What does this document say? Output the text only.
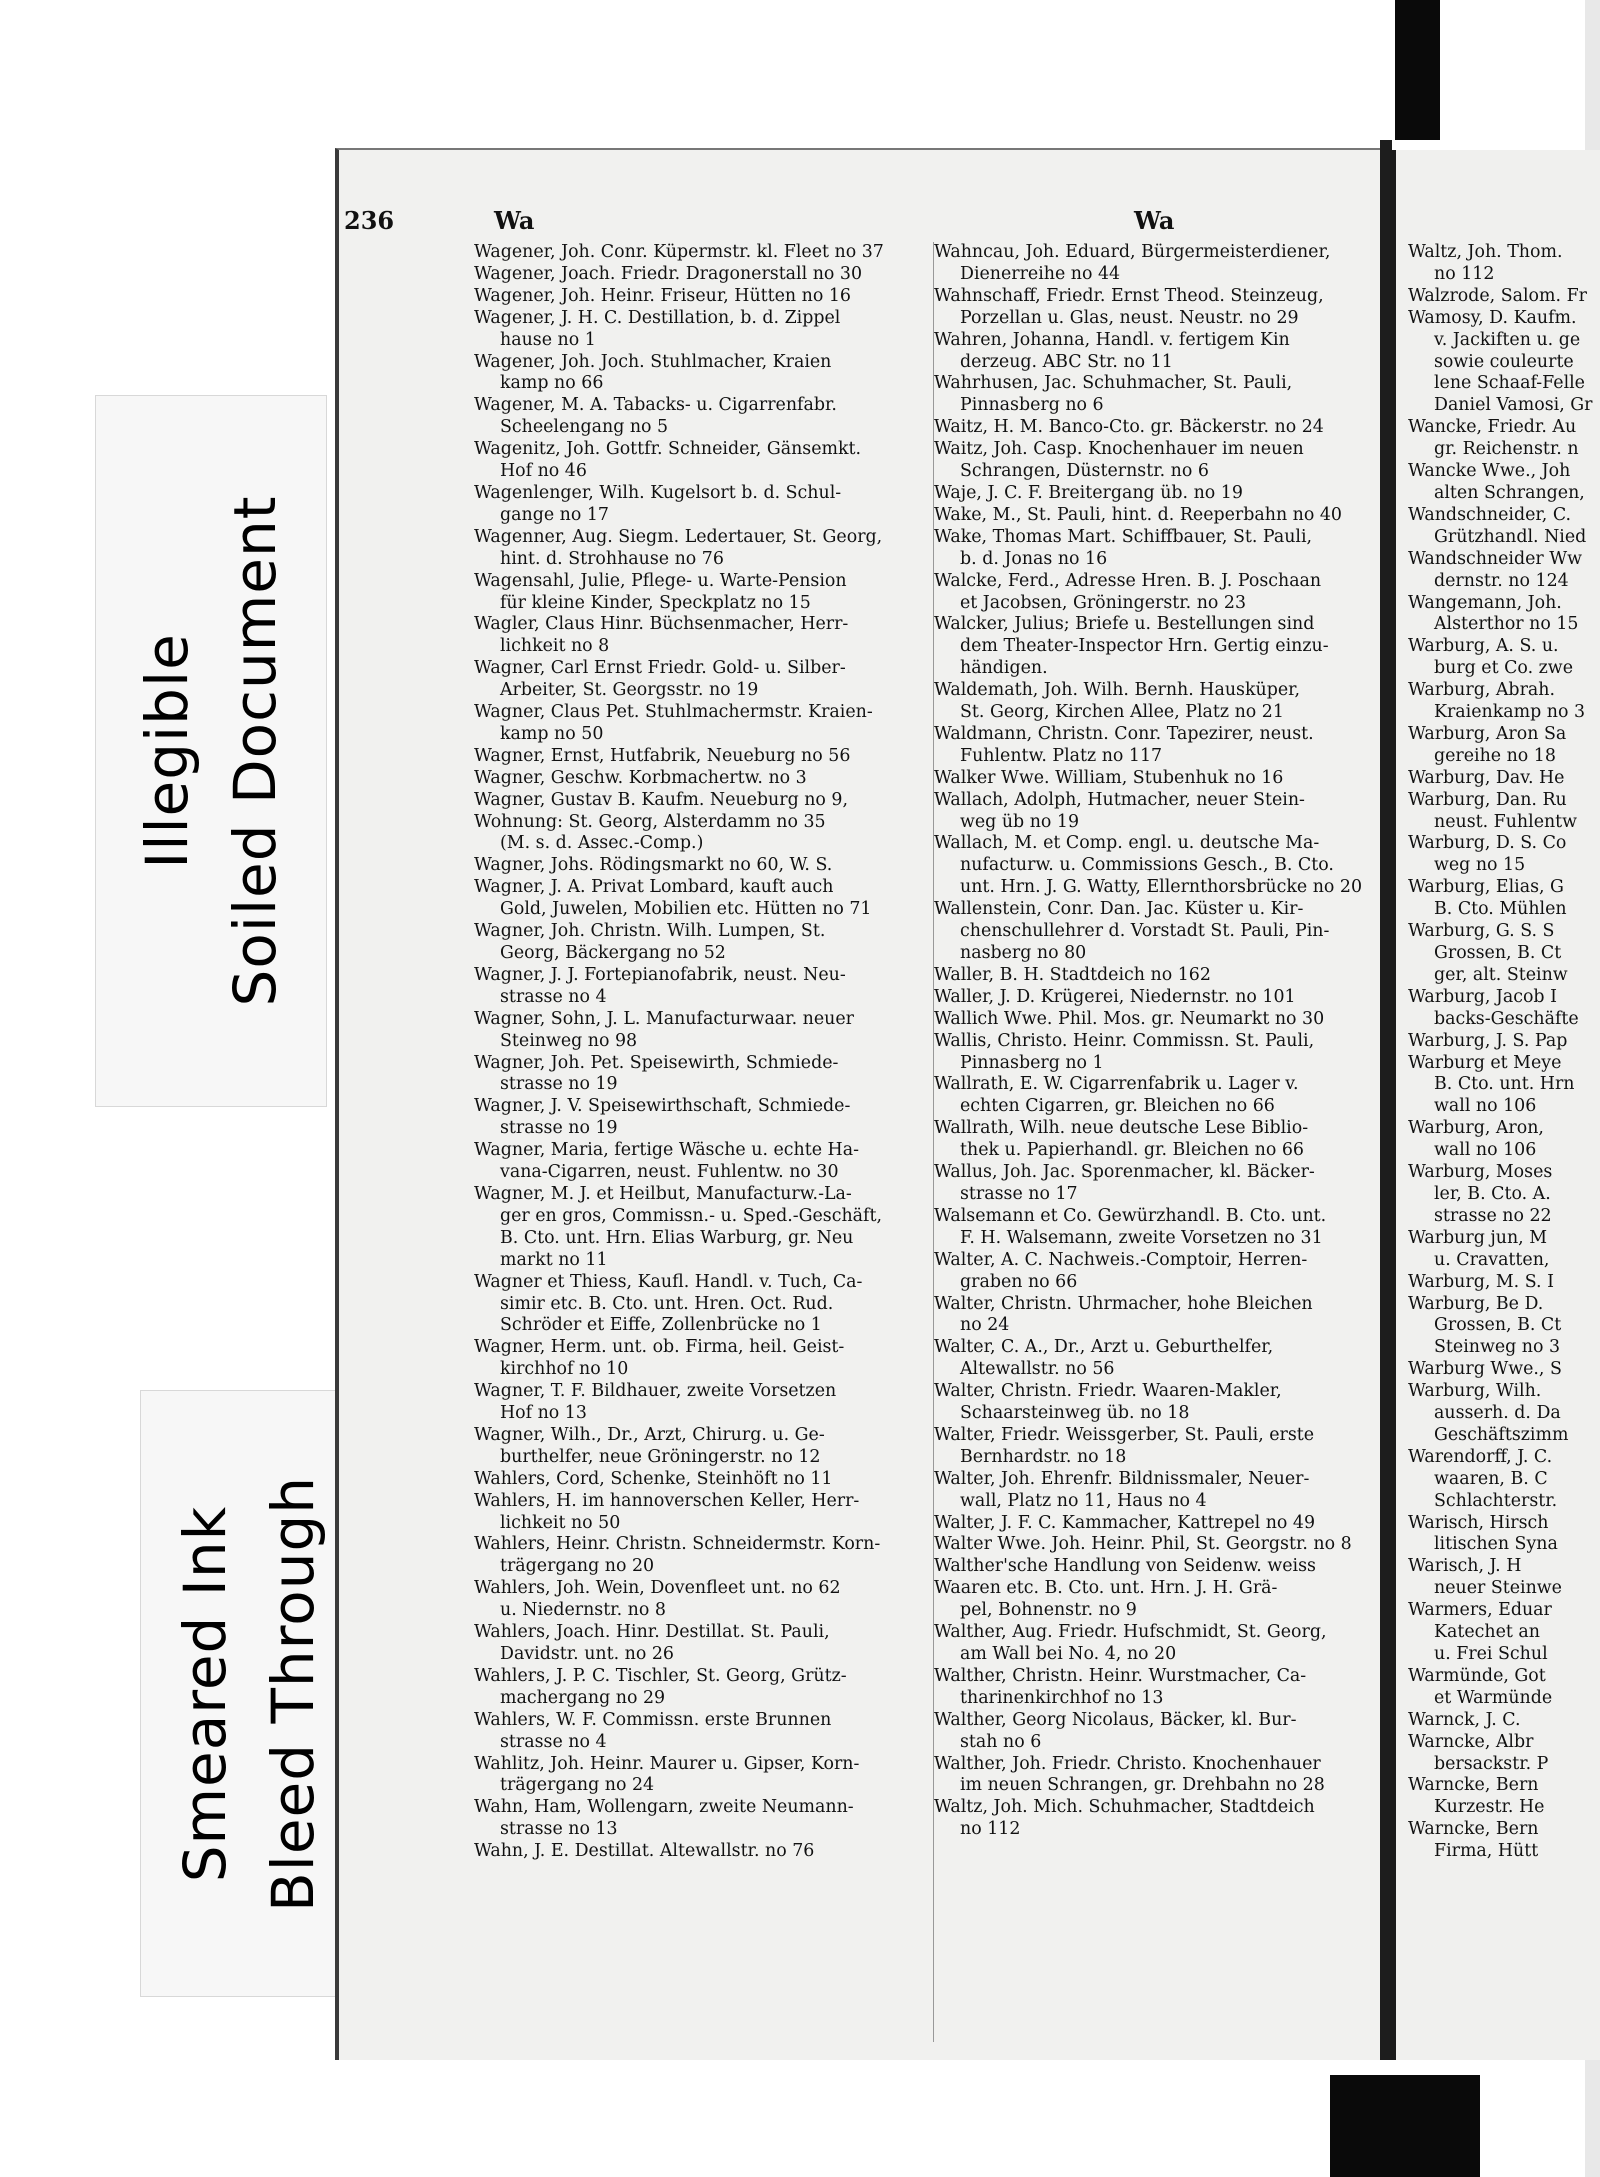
Illegible Soiled Document
Smeared Ink Bleed Through
236	Wa	Wa
Wagener, Joh. Conr. Küpermstr. kl. Fleet no 37
Wagener, Joach. Friedr. Dragonerstall no 30
Wagener, Joh. Heinr. Friseur, Hütten no 16
Wagener, J. H. C. Destillation, b. d. Zippel
hause no 1
Wagener, Joh. Joch. Stuhlmacher, Kraien
kamp no 66
Wagener, M. A. Tabacks- u. Cigarrenfabr.
Scheelengang no 5
Wagenitz, Joh. Gottfr. Schneider, Gänsemkt.
Hof no 46
Wagenlenger, Wilh. Kugelsort b. d. Schul-
gange no 17
Wagenner, Aug. Siegm. Ledertauer, St. Georg,
hint. d. Strohhause no 76
Wagensahl, Julie, Pflege- u. Warte-Pension
für kleine Kinder, Speckplatz no 15
Wagler, Claus Hinr. Büchsenmacher, Herr-
lichkeit no 8
Wagner, Carl Ernst Friedr. Gold- u. Silber-
Arbeiter, St. Georgsstr. no 19
Wagner, Claus Pet. Stuhlmachermstr. Kraien-
kamp no 50
Wagner, Ernst, Hutfabrik, Neueburg no 56
Wagner, Geschw. Korbmachertw. no 3
Wagner, Gustav B. Kaufm. Neueburg no 9,
Wohnung: St. Georg, Alsterdamm no 35
(M. s. d. Assec.-Comp.)
Wagner, Johs. Rödingsmarkt no 60, W. S.
Wagner, J. A. Privat Lombard, kauft auch
Gold, Juwelen, Mobilien etc. Hütten no 71
Wagner, Joh. Christn. Wilh. Lumpen, St.
Georg, Bäckergang no 52
Wagner, J. J. Fortepianofabrik, neust. Neu-
strasse no 4
Wagner, Sohn, J. L. Manufacturwaar. neuer
Steinweg no 98
Wagner, Joh. Pet. Speisewirth, Schmiede-
strasse no 19
Wagner, J. V. Speisewirthschaft, Schmiede-
strasse no 19
Wagner, Maria, fertige Wäsche u. echte Ha-
vana-Cigarren, neust. Fuhlentw. no 30
Wagner, M. J. et Heilbut, Manufacturw.-La-
ger en gros, Commissn.- u. Sped.-Geschäft,
B. Cto. unt. Hrn. Elias Warburg, gr. Neu
markt no 11
Wagner et Thiess, Kaufl. Handl. v. Tuch, Ca-
simir etc. B. Cto. unt. Hren. Oct. Rud.
Schröder et Eiffe, Zollenbrücke no 1
Wagner, Herm. unt. ob. Firma, heil. Geist-
kirchhof no 10
Wagner, T. F. Bildhauer, zweite Vorsetzen
Hof no 13
Wagner, Wilh., Dr., Arzt, Chirurg. u. Ge-
burthelfer, neue Gröningerstr. no 12
Wahlers, Cord, Schenke, Steinhöft no 11
Wahlers, H. im hannoverschen Keller, Herr-
lichkeit no 50
Wahlers, Heinr. Christn. Schneidermstr. Korn-
trägergang no 20
Wahlers, Joh. Wein, Dovenfleet unt. no 62
u. Niedernstr. no 8
Wahlers, Joach. Hinr. Destillat. St. Pauli,
Davidstr. unt. no 26
Wahlers, J. P. C. Tischler, St. Georg, Grütz-
machergang no 29
Wahlers, W. F. Commissn. erste Brunnen
strasse no 4
Wahlitz, Joh. Heinr. Maurer u. Gipser, Korn-
trägergang no 24
Wahn, Ham, Wollengarn, zweite Neumann-
strasse no 13
Wahn, J. E. Destillat. Altewallstr. no 76
Wahncau, Joh. Eduard, Bürgermeisterdiener,
Dienerreihe no 44
Wahnschaff, Friedr. Ernst Theod. Steinzeug,
Porzellan u. Glas, neust. Neustr. no 29
Wahren, Johanna, Handl. v. fertigem Kin
derzeug. ABC Str. no 11
Wahrhusen, Jac. Schuhmacher, St. Pauli,
Pinnasberg no 6
Waitz, H. M. Banco-Cto. gr. Bäckerstr. no 24
Waitz, Joh. Casp. Knochenhauer im neuen
Schrangen, Düsternstr. no 6
Waje, J. C. F. Breitergang üb. no 19
Wake, M., St. Pauli, hint. d. Reeperbahn no 40
Wake, Thomas Mart. Schiffbauer, St. Pauli,
b. d. Jonas no 16
Walcke, Ferd., Adresse Hren. B. J. Poschaan
et Jacobsen, Gröningerstr. no 23
Walcker, Julius; Briefe u. Bestellungen sind
dem Theater-Inspector Hrn. Gertig einzu-
händigen.
Waldemath, Joh. Wilh. Bernh. Hausküper,
St. Georg, Kirchen Allee, Platz no 21
Waldmann, Christn. Conr. Tapezirer, neust.
Fuhlentw. Platz no 117
Walker Wwe. William, Stubenhuk no 16
Wallach, Adolph, Hutmacher, neuer Stein-
weg üb no 19
Wallach, M. et Comp. engl. u. deutsche Ma-
nufacturw. u. Commissions Gesch., B. Cto.
unt. Hrn. J. G. Watty, Ellernthorsbrücke no 20
Wallenstein, Conr. Dan. Jac. Küster u. Kir-
chenschullehrer d. Vorstadt St. Pauli, Pin-
nasberg no 80
Waller, B. H. Stadtdeich no 162
Waller, J. D. Krügerei, Niedernstr. no 101
Wallich Wwe. Phil. Mos. gr. Neumarkt no 30
Wallis, Christo. Heinr. Commissn. St. Pauli,
Pinnasberg no 1
Wallrath, E. W. Cigarrenfabrik u. Lager v.
echten Cigarren, gr. Bleichen no 66
Wallrath, Wilh. neue deutsche Lese Biblio-
thek u. Papierhandl. gr. Bleichen no 66
Wallus, Joh. Jac. Sporenmacher, kl. Bäcker-
strasse no 17
Walsemann et Co. Gewürzhandl. B. Cto. unt.
F. H. Walsemann, zweite Vorsetzen no 31
Walter, A. C. Nachweis.-Comptoir, Herren-
graben no 66
Walter, Christn. Uhrmacher, hohe Bleichen
no 24
Walter, C. A., Dr., Arzt u. Geburthelfer,
Altewallstr. no 56
Walter, Christn. Friedr. Waaren-Makler,
Schaarsteinweg üb. no 18
Walter, Friedr. Weissgerber, St. Pauli, erste
Bernhardstr. no 18
Walter, Joh. Ehrenfr. Bildnissmaler, Neuer-
wall, Platz no 11, Haus no 4
Walter, J. F. C. Kammacher, Kattrepel no 49
Walter Wwe. Joh. Heinr. Phil, St. Georgstr. no 8
Walther'sche Handlung von Seidenw. weiss
Waaren etc. B. Cto. unt. Hrn. J. H. Grä-
pel, Bohnenstr. no 9
Walther, Aug. Friedr. Hufschmidt, St. Georg,
am Wall bei No. 4, no 20
Walther, Christn. Heinr. Wurstmacher, Ca-
tharinenkirchhof no 13
Walther, Georg Nicolaus, Bäcker, kl. Bur-
stah no 6
Walther, Joh. Friedr. Christo. Knochenhauer
im neuen Schrangen, gr. Drehbahn no 28
Waltz, Joh. Mich. Schuhmacher, Stadtdeich
no 112
Waltz, Joh. Thom.
no 112
Walzrode, Salom. Fr
Wamosy, D. Kaufm.
v. Jackiften u. ge
sowie couleurte
lene Schaaf-Felle
Daniel Vamosi, Gr
Wancke, Friedr. Au
gr. Reichenstr. n
Wancke Wwe., Joh
alten Schrangen,
Wandschneider, C.
Grützhandl. Nied
Wandschneider Ww
dernstr. no 124
Wangemann, Joh.
Alsterthor no 15
Warburg, A. S. u.
burg et Co. zwe
Warburg, Abrah.
Kraienkamp no 3
Warburg, Aron Sa
gereihe no 18
Warburg, Dav. He
Warburg, Dan. Ru
neust. Fuhlentw
Warburg, D. S. Co
weg no 15
Warburg, Elias, G
B. Cto. Mühlen
Warburg, G. S. S
Grossen, B. Ct
ger, alt. Steinw
Warburg, Jacob I
backs-Geschäfte
Warburg, J. S. Pap
Warburg et Meye
B. Cto. unt. Hrn
wall no 106
Warburg, Aron,
wall no 106
Warburg, Moses
ler, B. Cto. A.
strasse no 22
Warburg jun, M
u. Cravatten,
Warburg, M. S. I
Warburg, Be D.
Grossen, B. Ct
Steinweg no 3
Warburg Wwe., S
Warburg, Wilh.
ausserh. d. Da
Geschäftszimm
Warendorff, J. C.
waaren, B. C
Schlachterstr.
Warisch, Hirsch
litischen Syna
Warisch, J. H
neuer Steinwe
Warmers, Eduar
Katechet an
u. Frei Schul
Warmünde, Got
et Warmünde
Warnck, J. C.
Warncke, Albr
bersackstr. P
Warncke, Bern
Kurzestr. He
Warncke, Bern
Firma, Hütt
